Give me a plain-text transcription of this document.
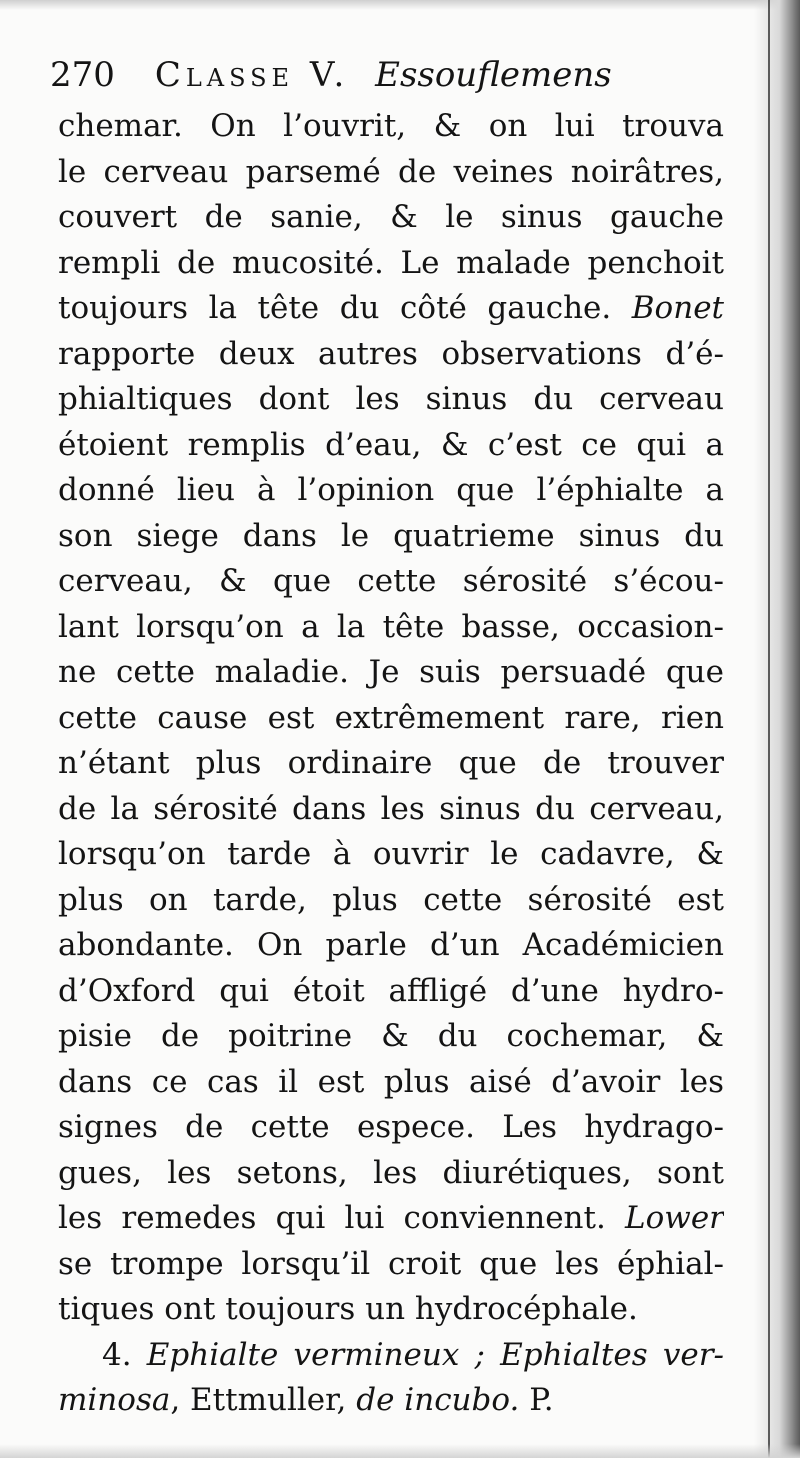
270 Classe V. Essouflemens
chemar. On l’ouvrit, & on lui trouva
le cerveau parsemé de veines noirâtres,
couvert de sanie, & le sinus gauche
rempli de mucosité. Le malade penchoit
toujours la tête du côté gauche. Bonet
rapporte deux autres observations d’é-
phialtiques dont les sinus du cerveau
étoient remplis d’eau, & c’est ce qui a
donné lieu à l’opinion que l’éphialte a
son siege dans le quatrieme sinus du
cerveau, & que cette sérosité s’écou-
lant lorsqu’on a la tête basse, occasion-
ne cette maladie. Je suis persuadé que
cette cause est extrêmement rare, rien
n’étant plus ordinaire que de trouver
de la sérosité dans les sinus du cerveau,
lorsqu’on tarde à ouvrir le cadavre, &
plus on tarde, plus cette sérosité est
abondante. On parle d’un Académicien
d’Oxford qui étoit affligé d’une hydro-
pisie de poitrine & du cochemar, &
dans ce cas il est plus aisé d’avoir les
signes de cette espece. Les hydrago-
gues, les setons, les diurétiques, sont
les remedes qui lui conviennent. Lower
se trompe lorsqu’il croit que les éphial-
tiques ont toujours un hydrocéphale.
4. Ephialte vermineux ; Ephialtes ver-
minosa, Ettmuller, de incubo. P.
